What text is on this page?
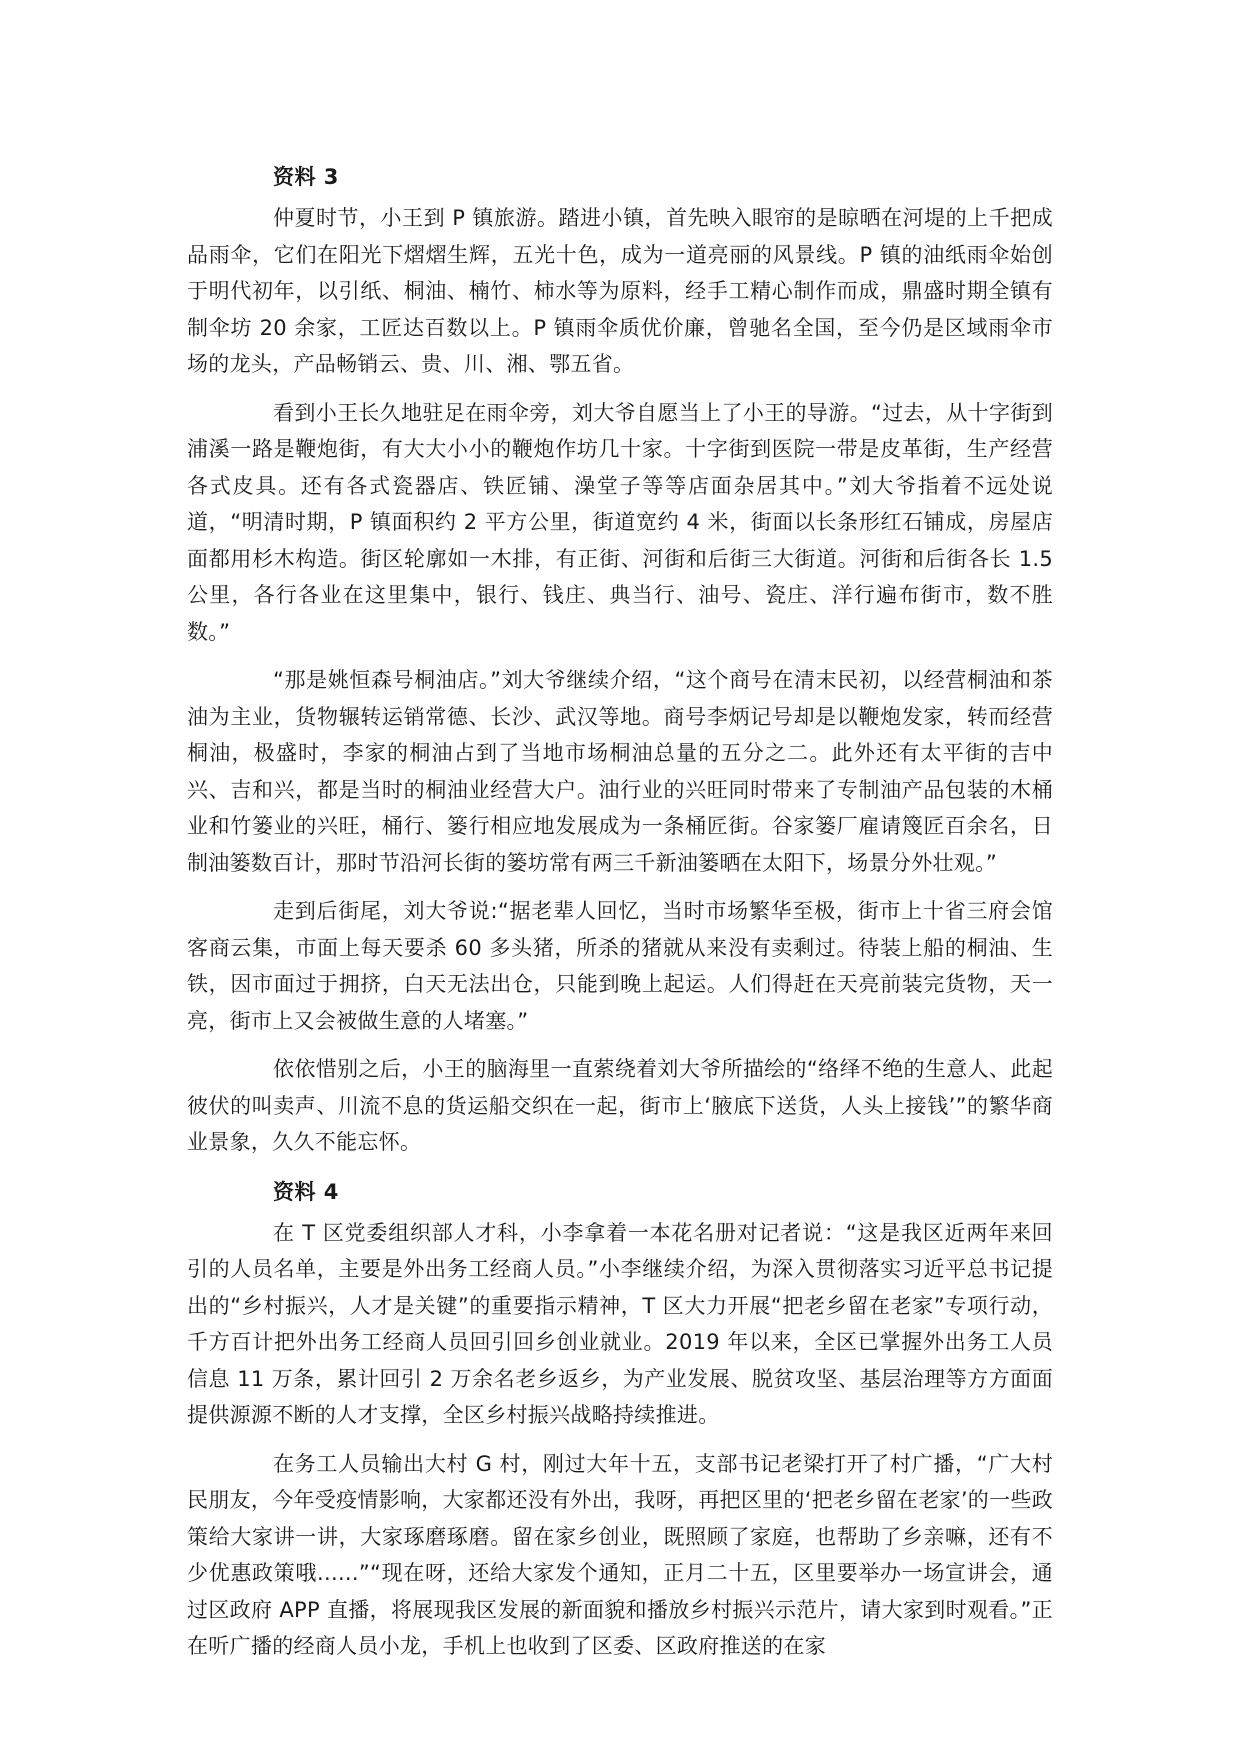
资料 3

仲夏时节，小王到 P 镇旅游。踏进小镇，首先映入眼帘的是晾晒在河堤的上千把成品雨伞，它们在阳光下熠熠生辉，五光十色，成为一道亮丽的风景线。P 镇的油纸雨伞始创于明代初年，以引纸、桐油、楠竹、柿水等为原料，经手工精心制作而成，鼎盛时期全镇有制伞坊 20 余家，工匠达百数以上。P 镇雨伞质优价廉，曾驰名全国，至今仍是区域雨伞市场的龙头，产品畅销云、贵、川、湘、鄂五省。

看到小王长久地驻足在雨伞旁，刘大爷自愿当上了小王的导游。“过去，从十字街到浦溪一路是鞭炮街，有大大小小的鞭炮作坊几十家。十字街到医院一带是皮革街，生产经营各式皮具。还有各式瓷器店、铁匠铺、澡堂子等等店面杂居其中。”刘大爷指着不远处说道，“明清时期，P 镇面积约 2 平方公里，街道宽约 4 米，街面以长条形红石铺成，房屋店面都用杉木构造。街区轮廓如一木排，有正街、河街和后街三大街道。河街和后街各长 1.5 公里，各行各业在这里集中，银行、钱庄、典当行、油号、瓷庄、洋行遍布街市，数不胜数。”

“那是姚恒森号桐油店。”刘大爷继续介绍，“这个商号在清末民初，以经营桐油和茶油为主业，货物辗转运销常德、长沙、武汉等地。商号李炳记号却是以鞭炮发家，转而经营桐油，极盛时，李家的桐油占到了当地市场桐油总量的五分之二。此外还有太平街的吉中兴、吉和兴，都是当时的桐油业经营大户。油行业的兴旺同时带来了专制油产品包装的木桶业和竹篓业的兴旺，桶行、篓行相应地发展成为一条桶匠街。谷家篓厂雇请篾匠百余名，日制油篓数百计，那时节沿河长街的篓坊常有两三千新油篓晒在太阳下，场景分外壮观。”

走到后街尾，刘大爷说:“据老辈人回忆，当时市场繁华至极，街市上十省三府会馆客商云集，市面上每天要杀 60 多头猪，所杀的猪就从来没有卖剩过。待装上船的桐油、生铁，因市面过于拥挤，白天无法出仓，只能到晚上起运。人们得赶在天亮前装完货物，天一亮，街市上又会被做生意的人堵塞。”

依依惜别之后，小王的脑海里一直萦绕着刘大爷所描绘的“络绎不绝的生意人、此起彼伏的叫卖声、川流不息的货运船交织在一起，街市上‘腋底下送货，人头上接钱’”的繁华商业景象，久久不能忘怀。

资料 4

在 T 区党委组织部人才科，小李拿着一本花名册对记者说：“这是我区近两年来回引的人员名单，主要是外出务工经商人员。”小李继续介绍，为深入贯彻落实习近平总书记提出的“乡村振兴，人才是关键”的重要指示精神，T 区大力开展“把老乡留在老家”专项行动，千方百计把外出务工经商人员回引回乡创业就业。2019 年以来，全区已掌握外出务工人员信息 11 万条，累计回引 2 万余名老乡返乡，为产业发展、脱贫攻坚、基层治理等方方面面提供源源不断的人才支撑，全区乡村振兴战略持续推进。

在务工人员输出大村 G 村，刚过大年十五，支部书记老梁打开了村广播，“广大村民朋友，今年受疫情影响，大家都还没有外出，我呀，再把区里的‘把老乡留在老家’的一些政策给大家讲一讲，大家琢磨琢磨。留在家乡创业，既照顾了家庭，也帮助了乡亲嘛，还有不少优惠政策哦......”“现在呀，还给大家发个通知，正月二十五，区里要举办一场宣讲会，通过区政府 APP 直播，将展现我区发展的新面貌和播放乡村振兴示范片，请大家到时观看。”正在听广播的经商人员小龙，手机上也收到了区委、区政府推送的在家
